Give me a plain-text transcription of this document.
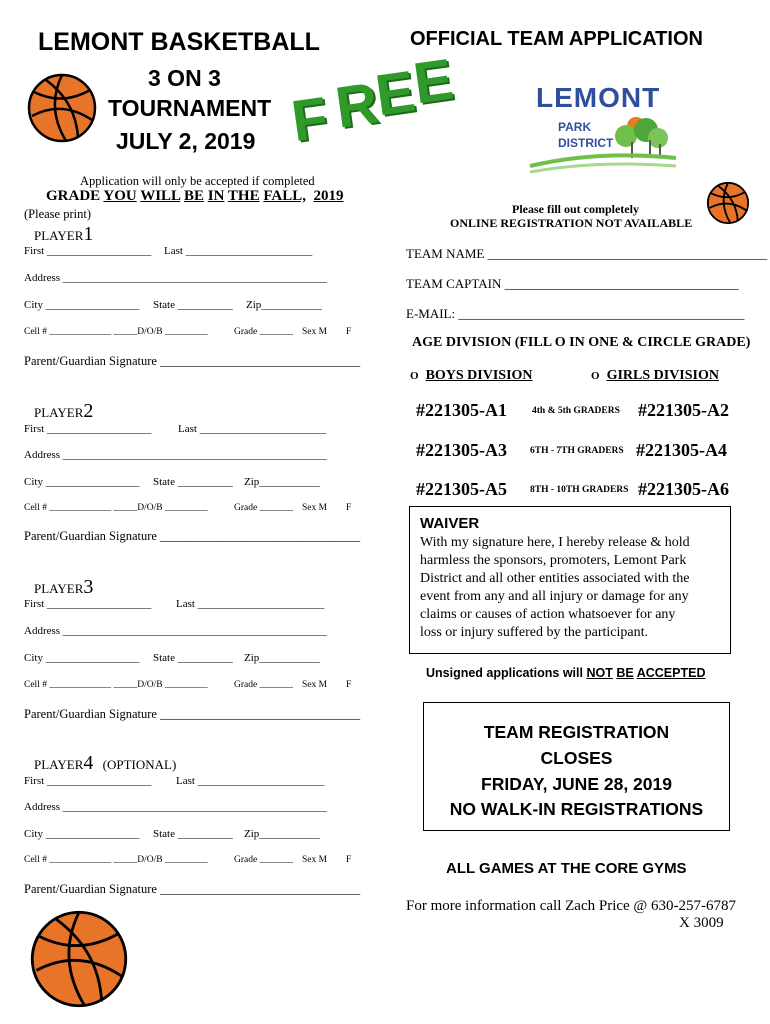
LEMONT BASKETBALL
3 ON 3
TOURNAMENT
JULY 2, 2019 F R
E
E
OFFICIAL TEAM APPLICATION
LEMONT
PARK
DISTRICT
Application will only be accepted if completed
GRADE YOU WILL BE IN THE FALL, 2019
(Please print)
PLAYER1
First ___________________ Last _______________________
Address ________________________________________________
City _________________ State __________ Zip___________
Cell # _____________ _____D/O/B _________	Grade _______ Sex M F
Parent/Guardian Signature ________________________________
PLAYER2
First ___________________ Last _______________________
Address ________________________________________________
City _________________ State __________ Zip___________
Cell # _____________ _____D/O/B _________	Grade _______ Sex M F
Parent/Guardian Signature ________________________________
PLAYER3
First ___________________ Last _______________________
Address ________________________________________________
City _________________ State __________ Zip___________
Cell # _____________ _____D/O/B _________	Grade _______ Sex M F
Parent/Guardian Signature ________________________________
PLAYER4 (OPTIONAL)
First ___________________ Last _______________________
Address ________________________________________________
City _________________ State __________ Zip___________
Cell # _____________ _____D/O/B _________	Grade _______ Sex M F
Parent/Guardian Signature ________________________________
Please fill out completely
ONLINE REGISTRATION NOT AVAILABLE
TEAM NAME ___________________________________________
TEAM CAPTAIN ____________________________________
E-MAIL: ____________________________________________
AGE DIVISION (FILL O IN ONE & CIRCLE GRADE)
O BOYS DIVISION	O GIRLS DIVISION
#221305-A1	4th & 5th GRADERS #221305-A2
#221305-A3 6TH - 7TH GRADERS #221305-A4
#221305-A5 8TH - 10TH GRADERS #221305-A6
WAIVER
With my signature here, I hereby release & hold
harmless the sponsors, promoters, Lemont Park
District and all other entities associated with the
event from any and all injury or damage for any
claims or causes of action whatsoever for any
loss or injury suffered by the participant.
Unsigned applications will NOT BE ACCEPTED
TEAM REGISTRATION
CLOSES
FRIDAY, JUNE 28, 2019
NO WALK-IN REGISTRATIONS
ALL GAMES AT THE CORE GYMS
For more information call Zach Price @ 630-257-6787
X 3009
